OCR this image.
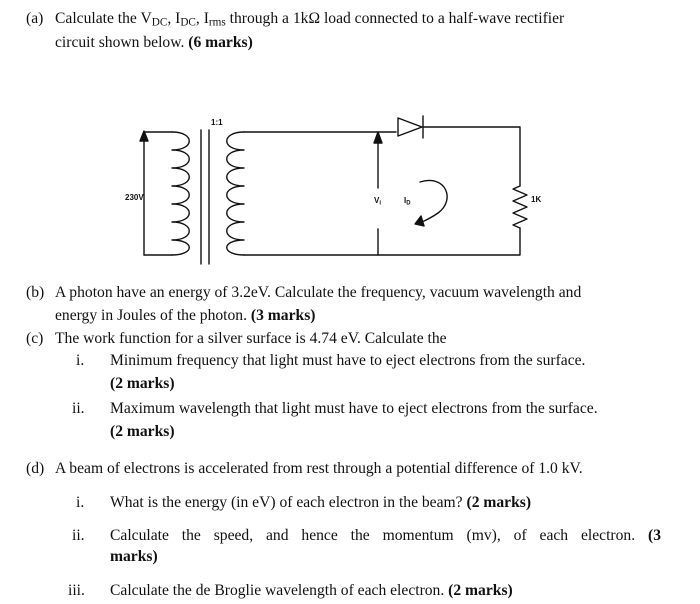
(a) Calculate the $V_{DC}$, $I_{DC}$, $I_{rms}$ through a 1kΩ load connected to a half-wave rectifier
circuit shown below. (6 marks)
1:1
230V	$V_i$	$I_D$	1K
(b) A photon have an energy of 3.2eV. Calculate the frequency, vacuum wavelength and
energy in Joules of the photon. (3 marks)
(c) The work function for a silver surface is 4.74 eV. Calculate the
i. Minimum frequency that light must have to eject electrons from the surface.
(2 marks)
ii. Maximum wavelength that light must have to eject electrons from the surface.
(2 marks)
(d) A beam of electrons is accelerated from rest through a potential difference of 1.0 kV.
i. What is the energy (in eV) of each electron in the beam? (2 marks)
ii. Calculate the speed, and hence the momentum (mv), of each electron. (3
marks)
iii. Calculate the de Broglie wavelength of each electron. (2 marks)
